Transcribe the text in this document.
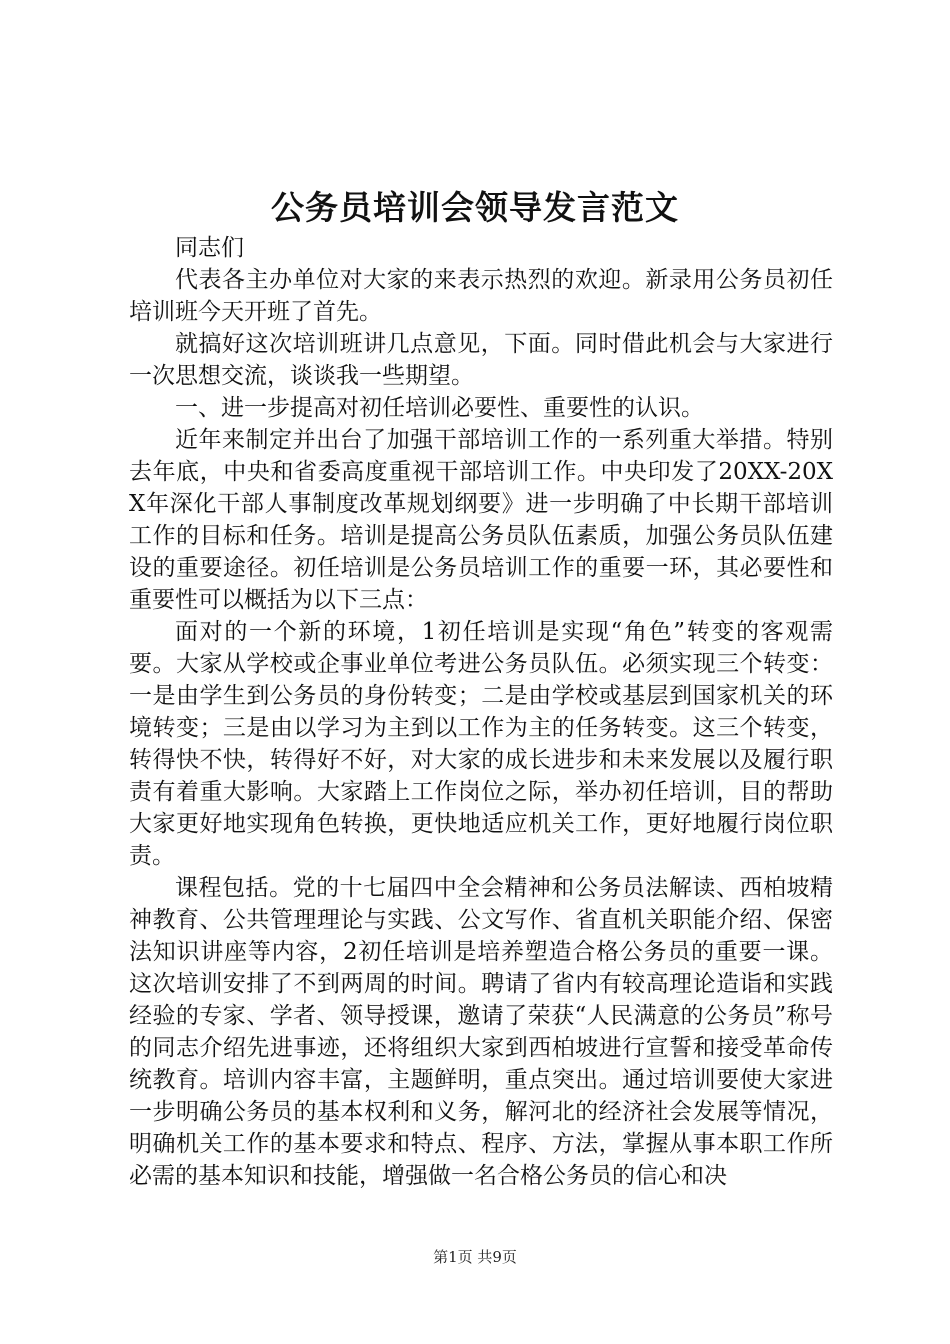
公务员培训会领导发言范文

同志们

代表各主办单位对大家的来表示热烈的欢迎。新录用公务员初任培训班今天开班了首先。

就搞好这次培训班讲几点意见，下面。同时借此机会与大家进行一次思想交流，谈谈我一些期望。

一、进一步提高对初任培训必要性、重要性的认识。

近年来制定并出台了加强干部培训工作的一系列重大举措。特别去年底，中央和省委高度重视干部培训工作。中央印发了20XX-20XX年深化干部人事制度改革规划纲要》进一步明确了中长期干部培训工作的目标和任务。培训是提高公务员队伍素质，加强公务员队伍建设的重要途径。初任培训是公务员培训工作的重要一环，其必要性和重要性可以概括为以下三点：

面对的一个新的环境，1初任培训是实现“角色”转变的客观需要。大家从学校或企事业单位考进公务员队伍。必须实现三个转变：一是由学生到公务员的身份转变；二是由学校或基层到国家机关的环境转变；三是由以学习为主到以工作为主的任务转变。这三个转变，转得快不快，转得好不好，对大家的成长进步和未来发展以及履行职责有着重大影响。大家踏上工作岗位之际，举办初任培训，目的帮助大家更好地实现角色转换，更快地适应机关工作，更好地履行岗位职责。

课程包括。党的十七届四中全会精神和公务员法解读、西柏坡精神教育、公共管理理论与实践、公文写作、省直机关职能介绍、保密法知识讲座等内容，2初任培训是培养塑造合格公务员的重要一课。这次培训安排了不到两周的时间。聘请了省内有较高理论造诣和实践经验的专家、学者、领导授课，邀请了荣获“人民满意的公务员”称号的同志介绍先进事迹，还将组织大家到西柏坡进行宣誓和接受革命传统教育。培训内容丰富，主题鲜明，重点突出。通过培训要使大家进一步明确公务员的基本权利和义务，解河北的经济社会发展等情况，明确机关工作的基本要求和特点、程序、方法，掌握从事本职工作所必需的基本知识和技能，增强做一名合格公务员的信心和决

第1页 共9页
